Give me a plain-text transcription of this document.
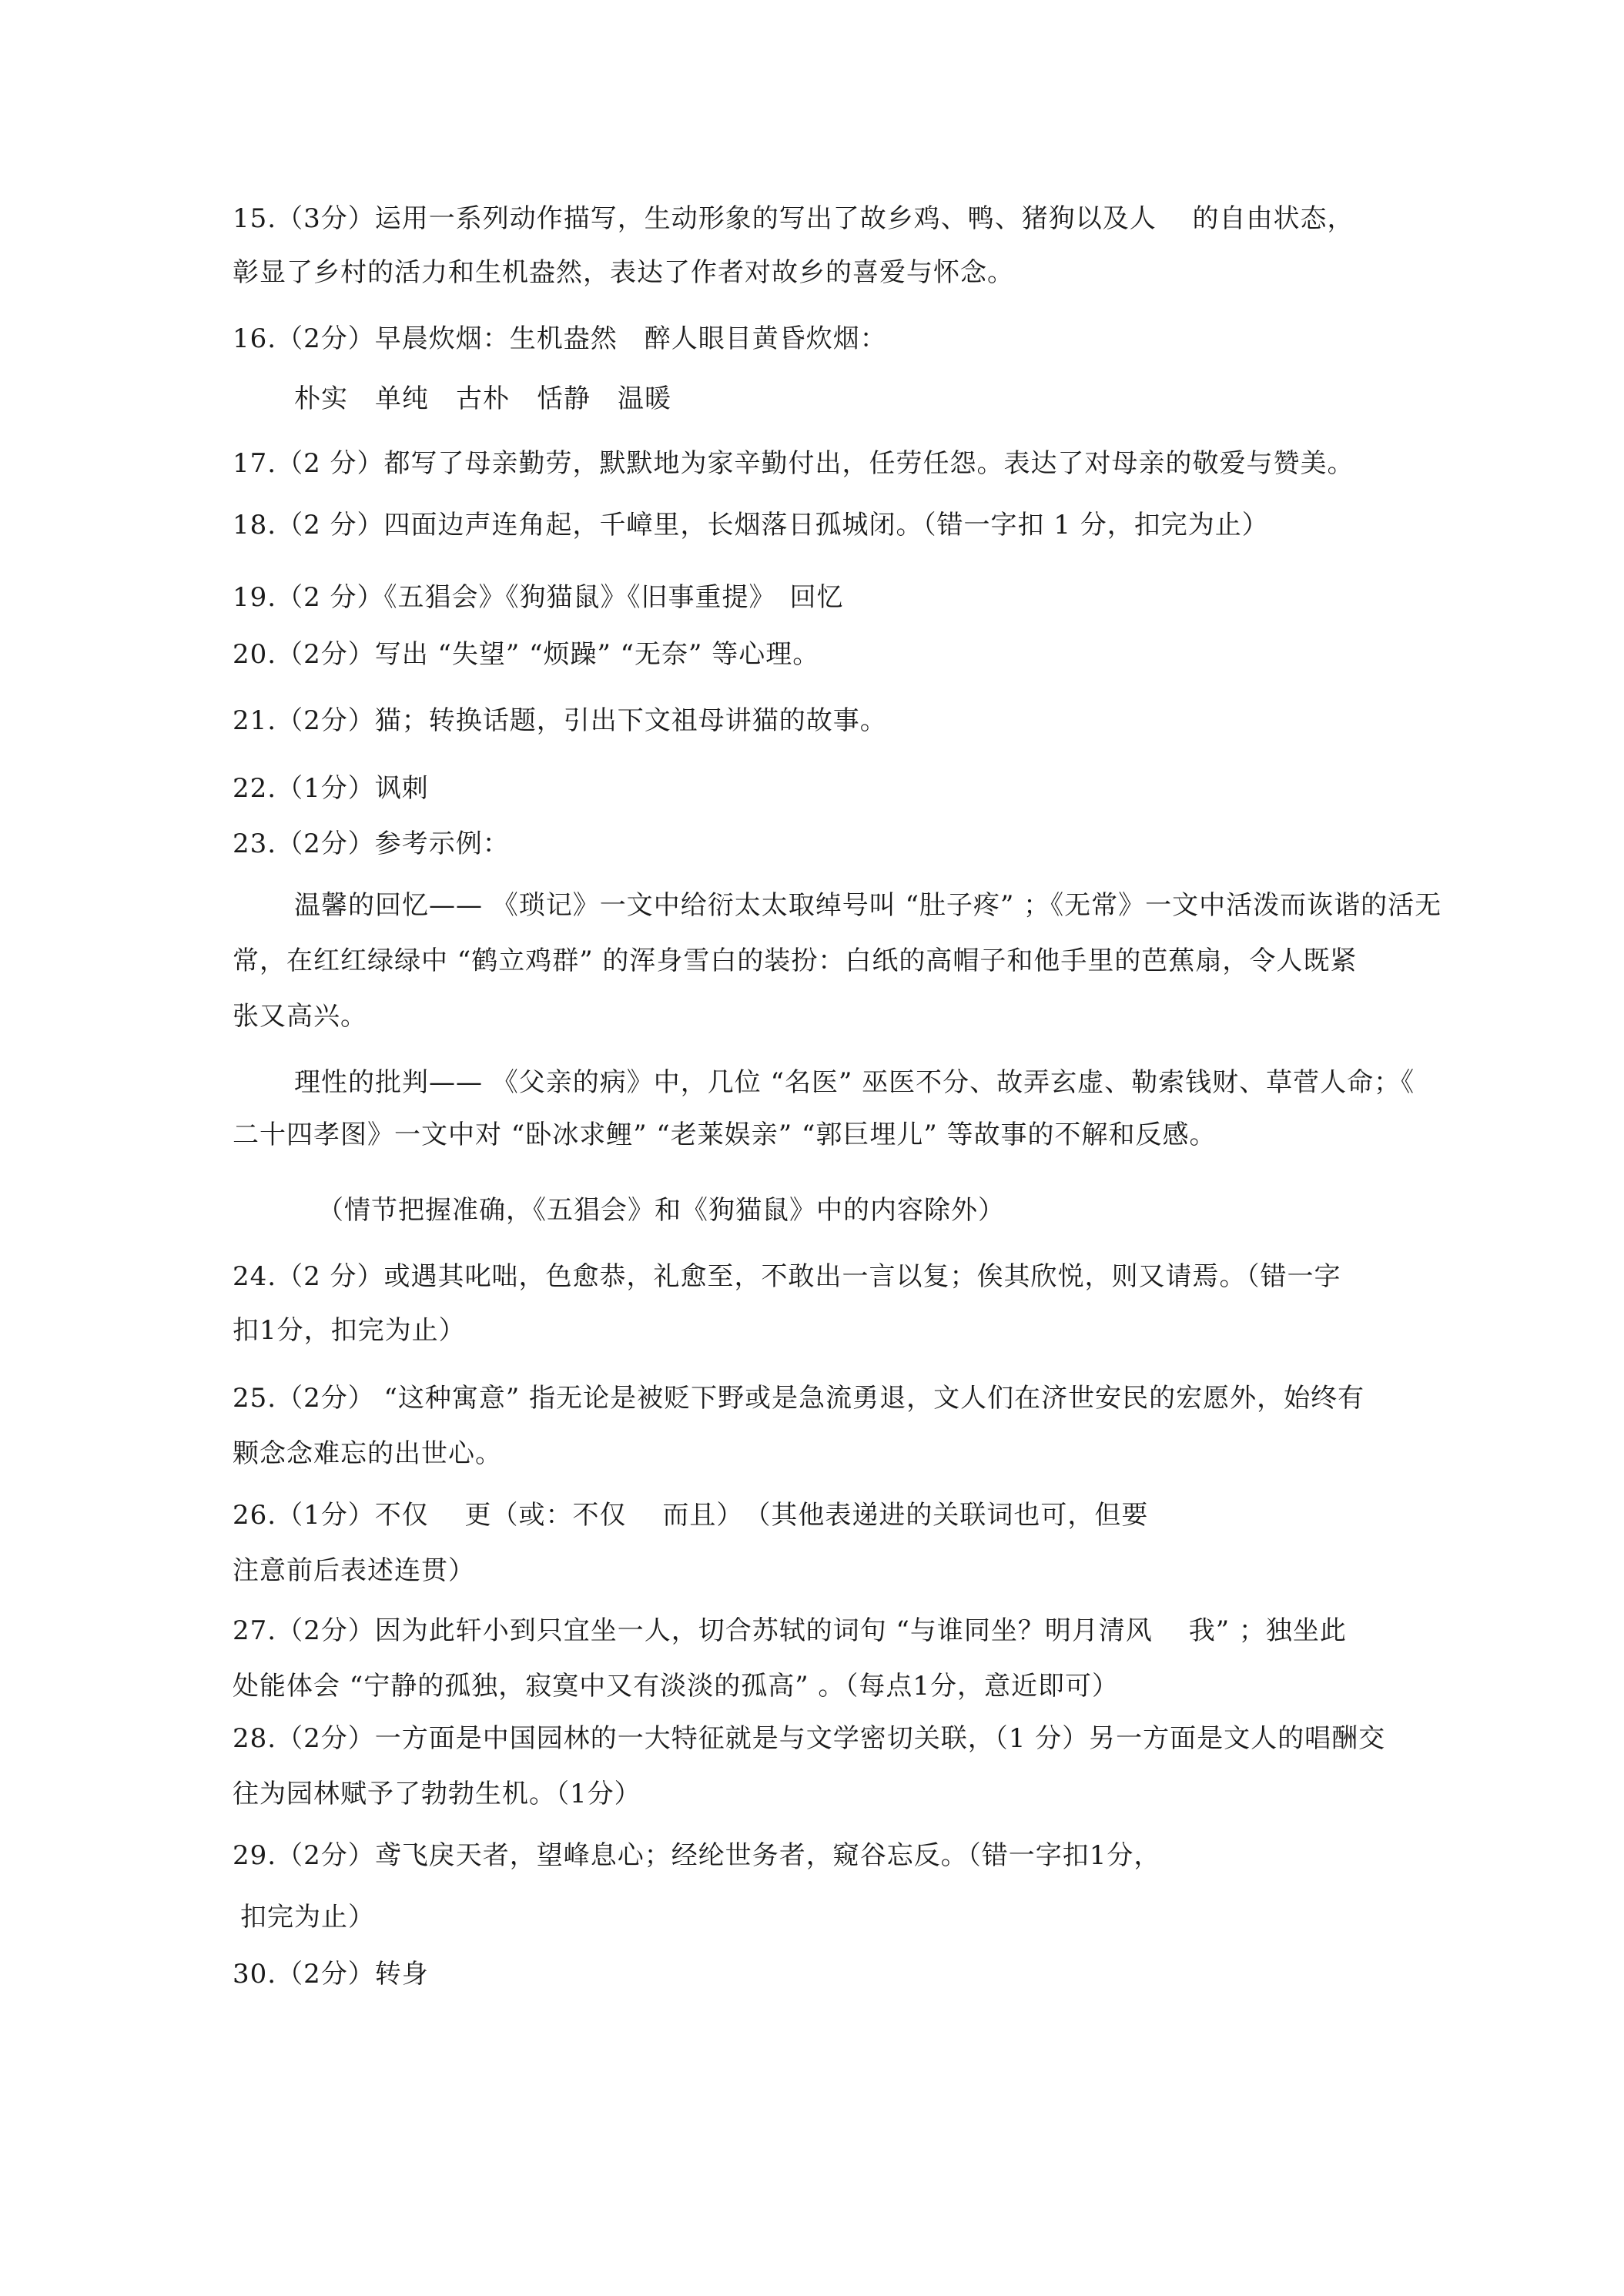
15.（3分）运用一系列动作描写，生动形象的写出了故乡鸡、鸭、猪狗以及人　 的自由状态，
彰显了乡村的活力和生机盎然，表达了作者对故乡的喜爱与怀念。
16.（2分）早晨炊烟：生机盎然　醉人眼目黄昏炊烟：
朴实　单纯　古朴　恬静　温暖
17.（2 分）都写了母亲勤劳，默默地为家辛勤付出，任劳任怨。表达了对母亲的敬爱与赞美。
18.（2 分）四面边声连角起，千嶂里，长烟落日孤城闭。（错一字扣 1 分，扣完为止）
19.（2 分）《五猖会》《狗猫鼠》《旧事重提》　回忆
20.（2分）写出 “失望” “烦躁” “无奈” 等心理。
21.（2分）猫；转换话题，引出下文祖母讲猫的故事。
22.（1分）讽刺
23.（2分）参考示例：
温馨的回忆—— 《琐记》一文中给衍太太取绰号叫 “肚子疼” ；《无常》一文中活泼而诙谐的活无
常，在红红绿绿中 “鹤立鸡群” 的浑身雪白的装扮：白纸的高帽子和他手里的芭蕉扇，令人既紧
张又高兴。
理性的批判—— 《父亲的病》中，几位 “名医” 巫医不分、故弄玄虚、勒索钱财、草菅人命；《
二十四孝图》一文中对 “卧冰求鲤” “老莱娱亲” “郭巨埋儿” 等故事的不解和反感。
（情节把握准确，《五猖会》和《狗猫鼠》中的内容除外）
24.（2 分）或遇其叱咄，色愈恭，礼愈至，不敢出一言以复；俟其欣悦，则又请焉。（错一字
扣1分，扣完为止）
25.（2分） “这种寓意” 指无论是被贬下野或是急流勇退，文人们在济世安民的宏愿外，始终有
颗念念难忘的出世心。
26.（1分）不仅　 更（或：不仅　 而且）　（其他表递进的关联词也可，但要
注意前后表述连贯）
27.（2分）因为此轩小到只宜坐一人，切合苏轼的词句 “与谁同坐？明月清风　 我” ；独坐此
处能体会 “宁静的孤独，寂寞中又有淡淡的孤高” 。（每点1分，意近即可）
28.（2分）一方面是中国园林的一大特征就是与文学密切关联，（1 分）另一方面是文人的唱酬交
往为园林赋予了勃勃生机。（1分）
29.（2分）鸢飞戾天者，望峰息心；经纶世务者，窥谷忘反。（错一字扣1分，
扣完为止）
30.（2分）转身
